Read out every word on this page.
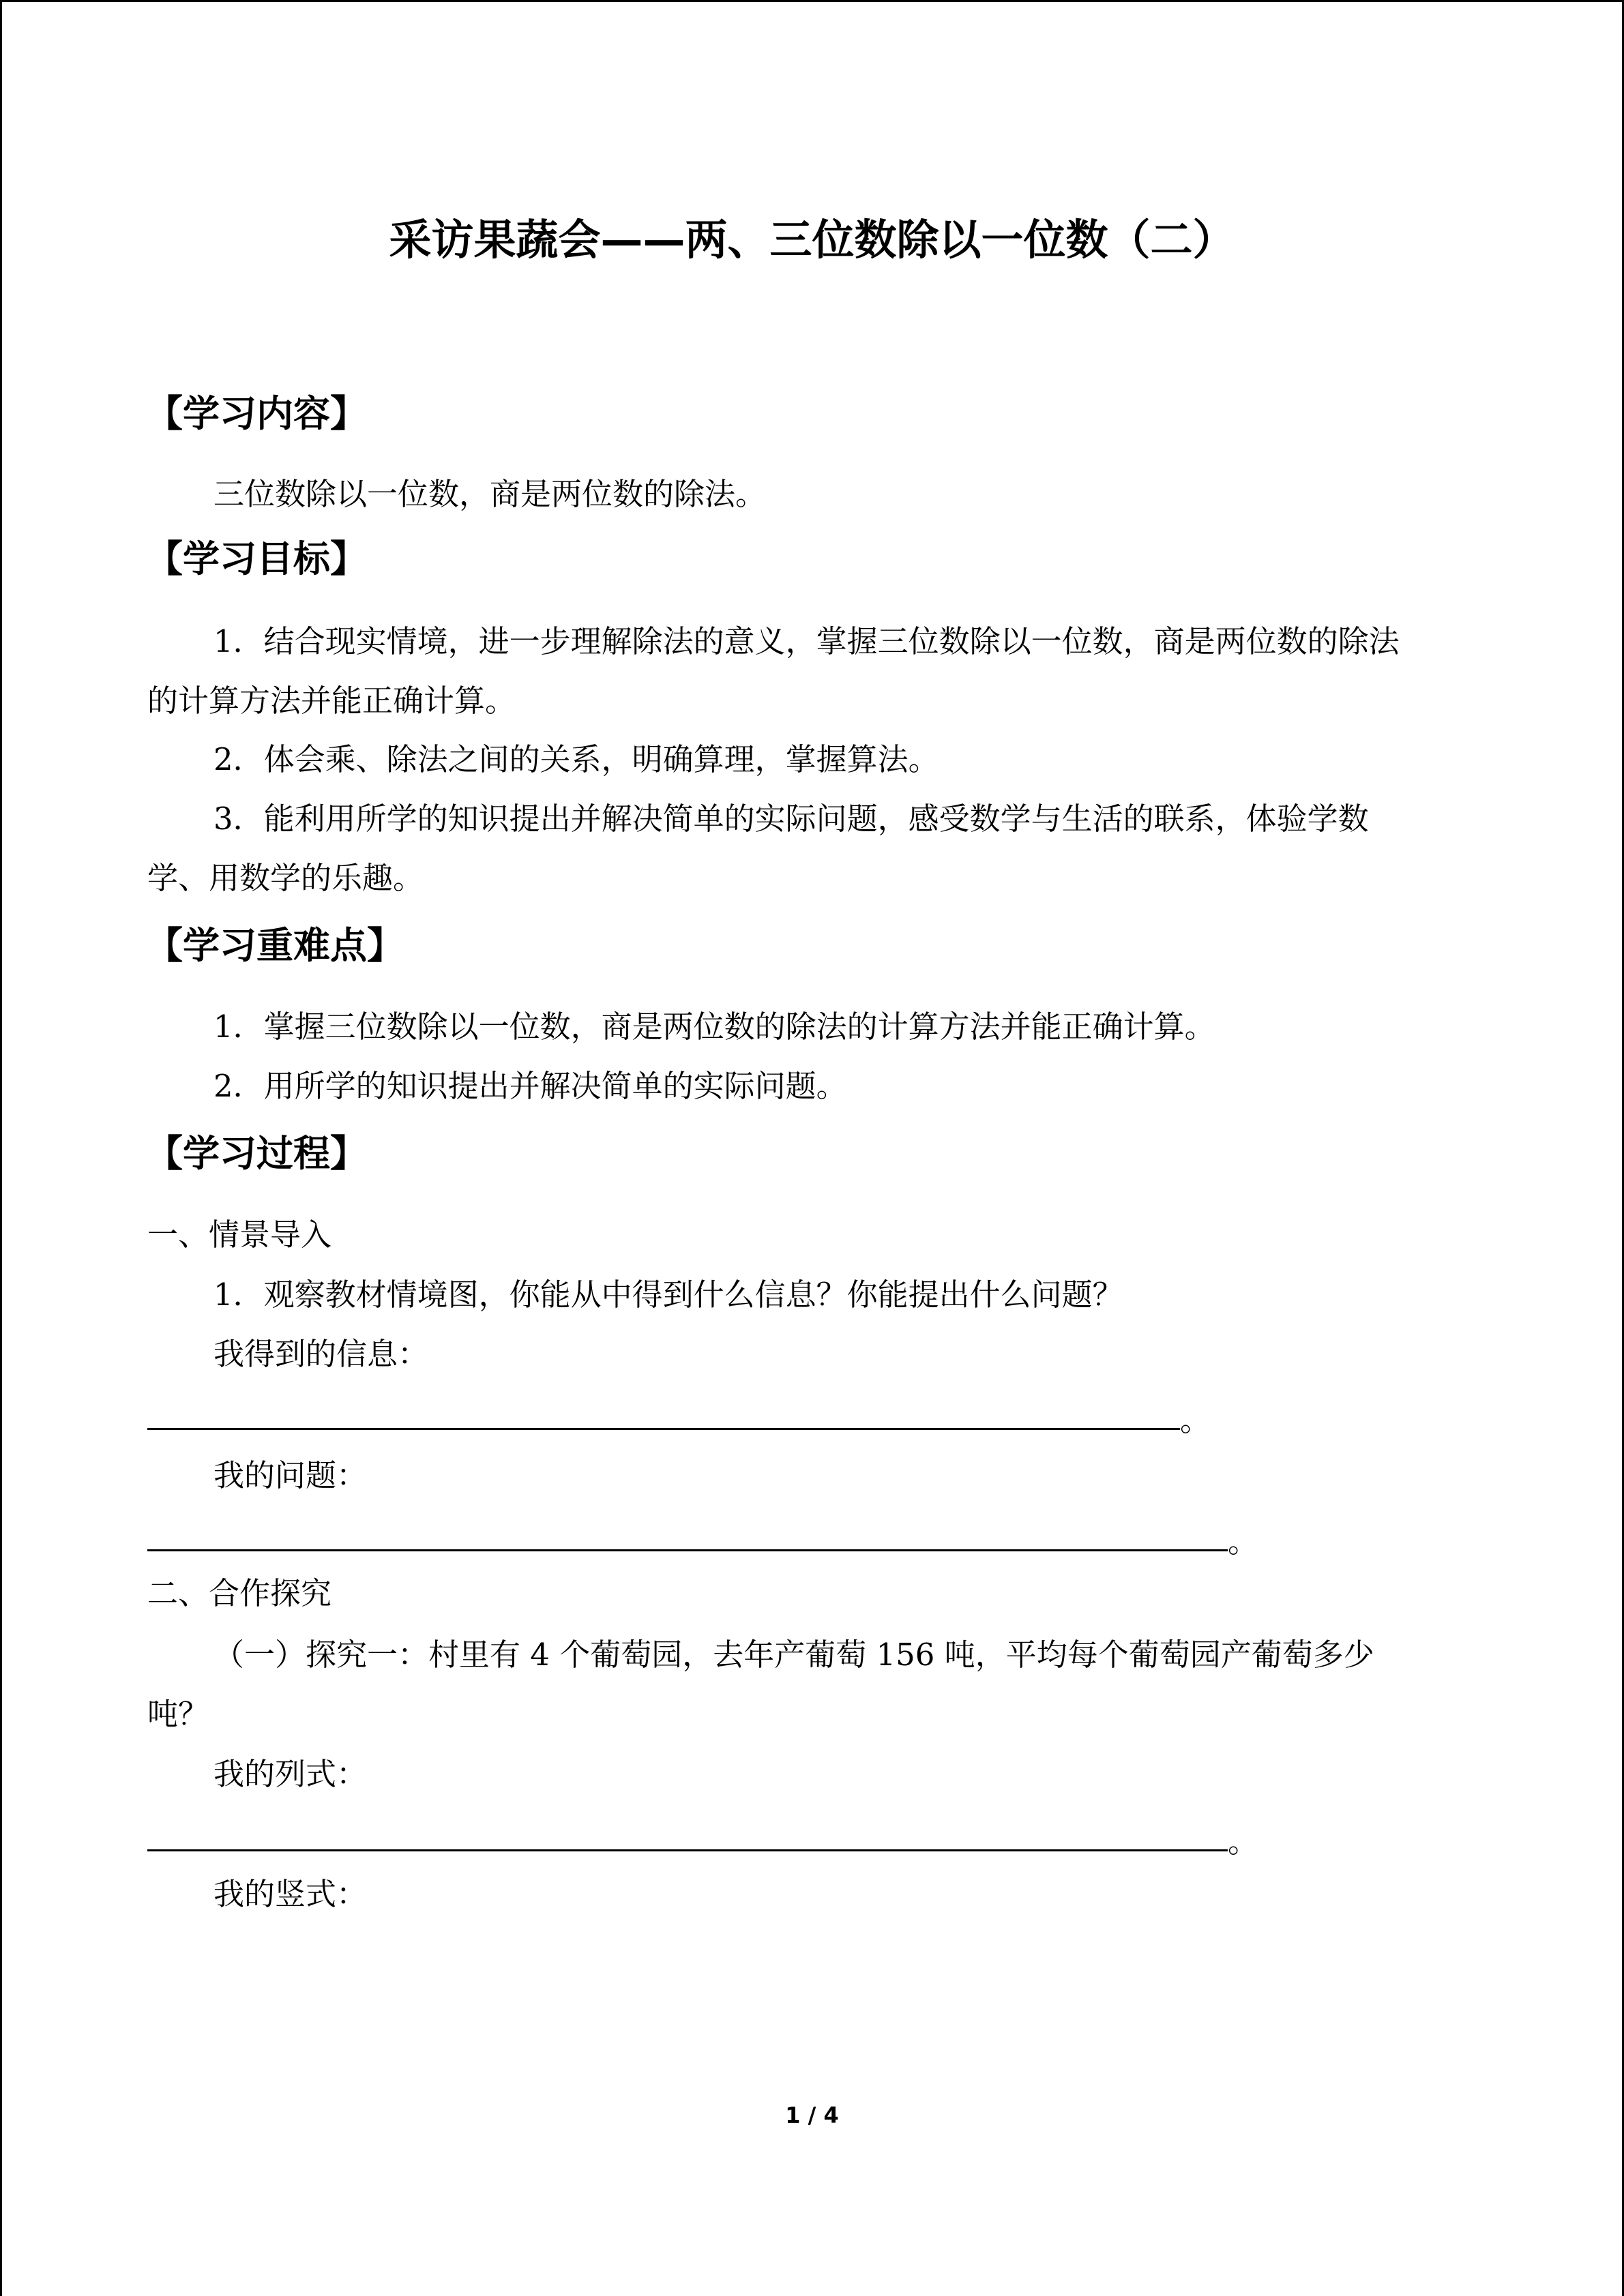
采访果蔬会——两、三位数除以一位数（二）
【学习内容】
三位数除以一位数，商是两位数的除法。
【学习目标】
1．结合现实情境，进一步理解除法的意义，掌握三位数除以一位数，商是两位数的除法
的计算方法并能正确计算。
2．体会乘、除法之间的关系，明确算理，掌握算法。
3．能利用所学的知识提出并解决简单的实际问题，感受数学与生活的联系，体验学数
学、用数学的乐趣。
【学习重难点】
1．掌握三位数除以一位数，商是两位数的除法的计算方法并能正确计算。
2．用所学的知识提出并解决简单的实际问题。
【学习过程】
一、情景导入
1．观察教材情境图，你能从中得到什么信息？你能提出什么问题？
我得到的信息：
。
我的问题：
。
二、合作探究
（一）探究一：村里有 4 个葡萄园，去年产葡萄 156 吨，平均每个葡萄园产葡萄多少
吨？
我的列式：
。
我的竖式：
1 / 4
